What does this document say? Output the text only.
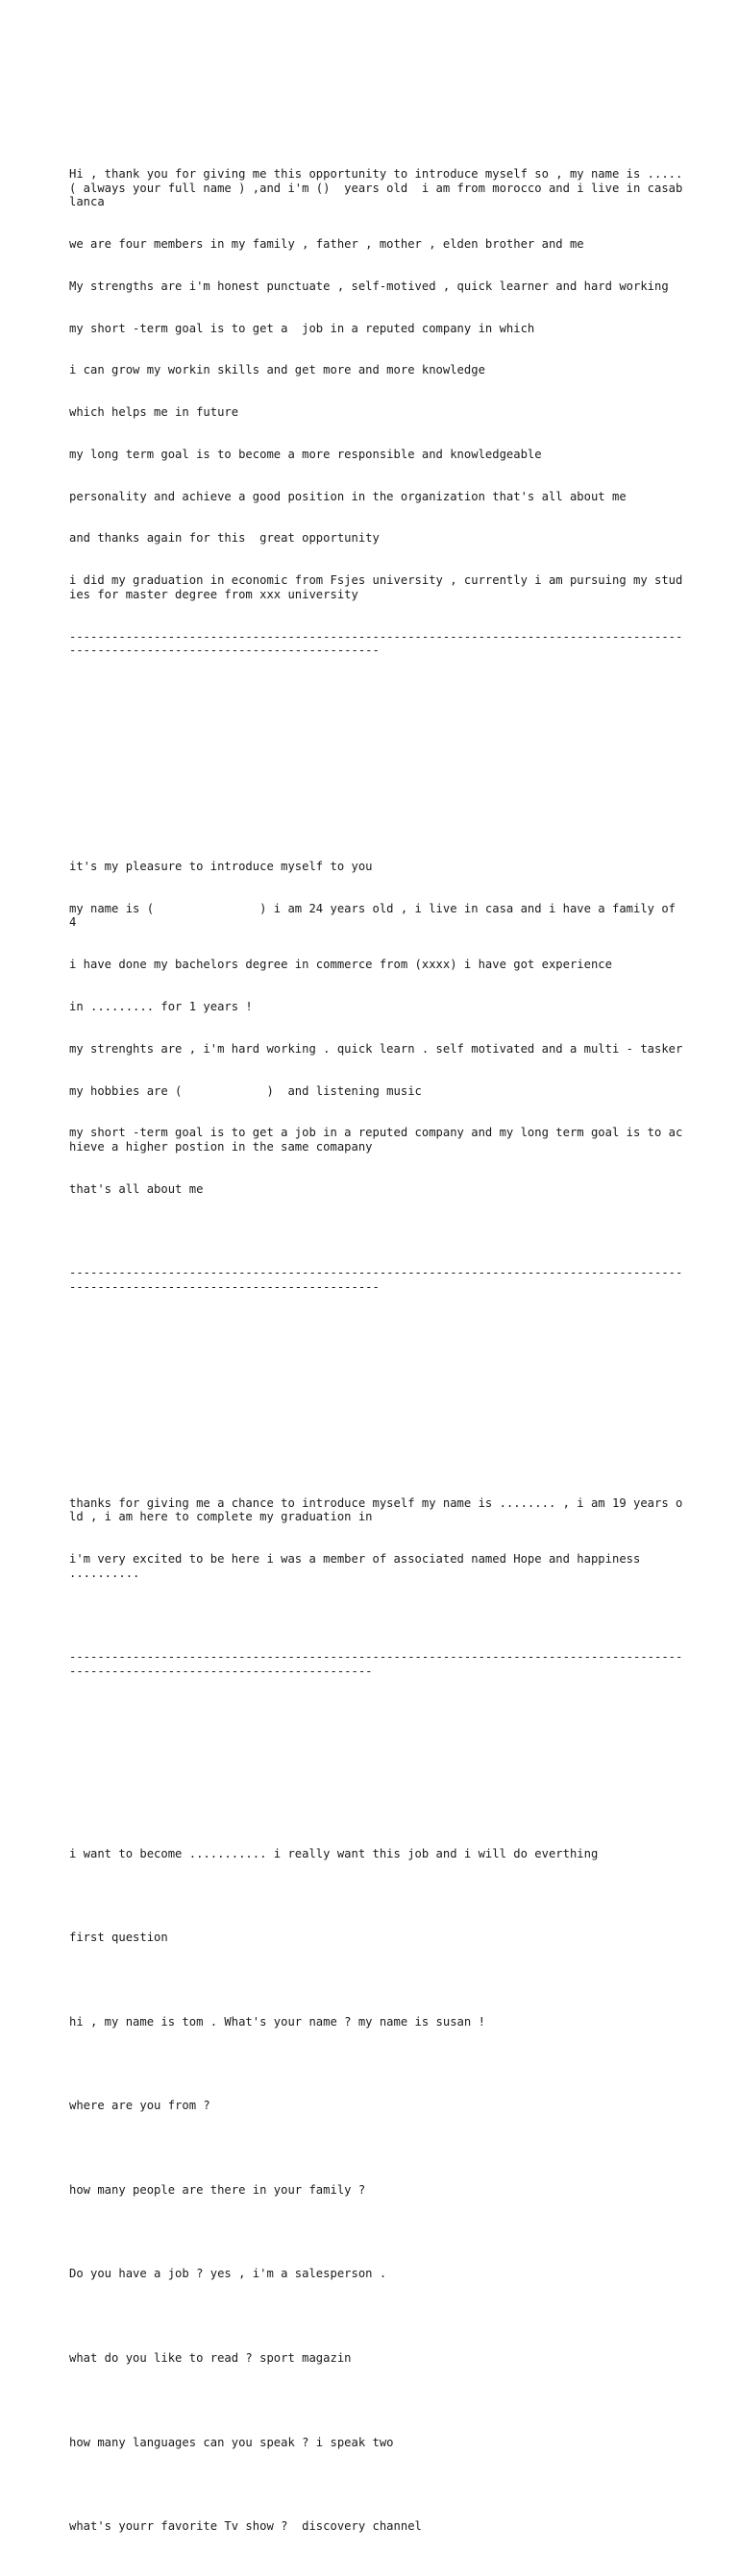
Hi , thank you for giving me this opportunity to introduce myself so , my name is ..... ( always your full name ) ,and i'm ()  years old  i am from morocco and i live in casablanca

we are four members in my family , father , mother , elden brother and me

My strengths are i'm honest punctuate , self-motived , quick learner and hard working

my short -term goal is to get a  job in a reputed company in which

i can grow my workin skills and get more and more knowledge

which helps me in future

my long term goal is to become a more responsible and knowledgeable

personality and achieve a good position in the organization that's all about me

and thanks again for this  great opportunity

i did my graduation in economic from Fsjes university , currently i am pursuing my studies for master degree from xxx university

-----------------------------------------------------------------------------------------------------------------------------------

it's my pleasure to introduce myself to you

my name is (               ) i am 24 years old , i live in casa and i have a family of 4

i have done my bachelors degree in commerce from (xxxx) i have got experience

in ......... for 1 years !

my strenghts are , i'm hard working . quick learn . self motivated and a multi - tasker

my hobbies are (            )  and listening music

my short -term goal is to get a job in a reputed company and my long term goal is to achieve a higher postion in the same comapany

that's all about me

-----------------------------------------------------------------------------------------------------------------------------------

thanks for giving me a chance to introduce myself my name is ........ , i am 19 years old , i am here to complete my graduation in

i'm very excited to be here i was a member of associated named Hope and happiness ..........

----------------------------------------------------------------------------------------------------------------------------------

i want to become ........... i really want this job and i will do everthing

first question

hi , my name is tom . What's your name ? my name is susan !

where are you from ?

how many people are there in your family ?

Do you have a job ? yes , i'm a salesperson .

what do you like to read ? sport magazin

how many languages can you speak ? i speak two

what's yourr favorite Tv show ?  discovery channel
